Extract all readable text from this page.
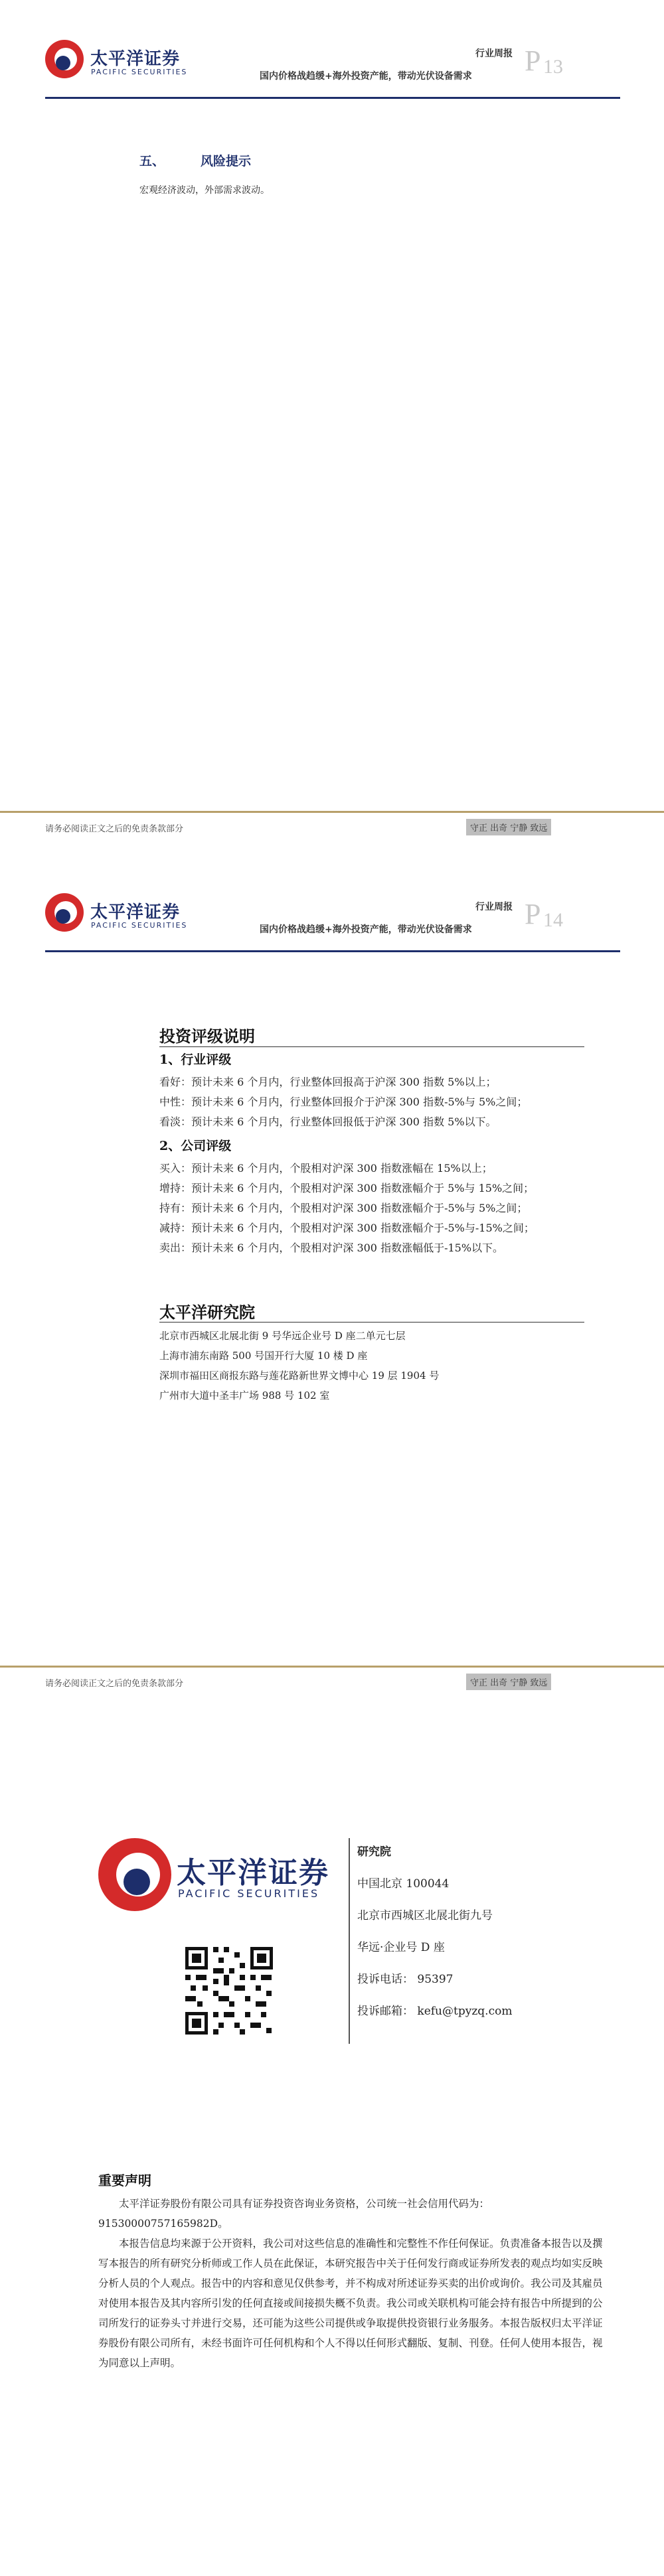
太平洋证券
PACIFIC SECURITIES
行业周报
国内价格战趋缓+海外投资产能，带动光伏设备需求 P 13
五、	风险提示
宏观经济波动，外部需求波动。
请务必阅读正文之后的免责条款部分	守正 出奇 宁静 致远
太平洋证券
PACIFIC SECURITIES
行业周报
国内价格战趋缓+海外投资产能，带动光伏设备需求 P 14
投资评级说明
1、行业评级
看好：预计未来 6 个月内，行业整体回报高于沪深 300 指数 5%以上；
中性：预计未来 6 个月内，行业整体回报介于沪深 300 指数-5%与 5%之间；
看淡：预计未来 6 个月内，行业整体回报低于沪深 300 指数 5%以下。
2、公司评级
买入：预计未来 6 个月内，个股相对沪深 300 指数涨幅在 15%以上；
增持：预计未来 6 个月内，个股相对沪深 300 指数涨幅介于 5%与 15%之间；
持有：预计未来 6 个月内，个股相对沪深 300 指数涨幅介于-5%与 5%之间；
减持：预计未来 6 个月内，个股相对沪深 300 指数涨幅介于-5%与-15%之间；
卖出：预计未来 6 个月内，个股相对沪深 300 指数涨幅低于-15%以下。
太平洋研究院
北京市西城区北展北街 9 号华远企业号 D 座二单元七层
上海市浦东南路 500 号国开行大厦 10 楼 D 座
深圳市福田区商报东路与莲花路新世界文博中心 19 层 1904 号
广州市大道中圣丰广场 988 号 102 室
请务必阅读正文之后的免责条款部分	守正 出奇 宁静 致远
太平洋证券
PACIFIC SECURITIES
研究院
中国北京 100044
北京市西城区北展北街九号
华远·企业号 D 座
投诉电话： 95397
投诉邮箱： kefu@tpyzq.com
重要声明

太平洋证券股份有限公司具有证券投资咨询业务资格，公司统一社会信用代码为：91530000757165982D。

本报告信息均来源于公开资料，我公司对这些信息的准确性和完整性不作任何保证。负责准备本报告以及撰写本报告的所有研究分析师或工作人员在此保证，本研究报告中关于任何发行商或证券所发表的观点均如实反映分析人员的个人观点。报告中的内容和意见仅供参考，并不构成对所述证券买卖的出价或询价。我公司及其雇员对使用本报告及其内容所引发的任何直接或间接损失概不负责。我公司或关联机构可能会持有报告中所提到的公司所发行的证券头寸并进行交易，还可能为这些公司提供或争取提供投资银行业务服务。本报告版权归太平洋证券股份有限公司所有，未经书面许可任何机构和个人不得以任何形式翻版、复制、刊登。任何人使用本报告，视为同意以上声明。
